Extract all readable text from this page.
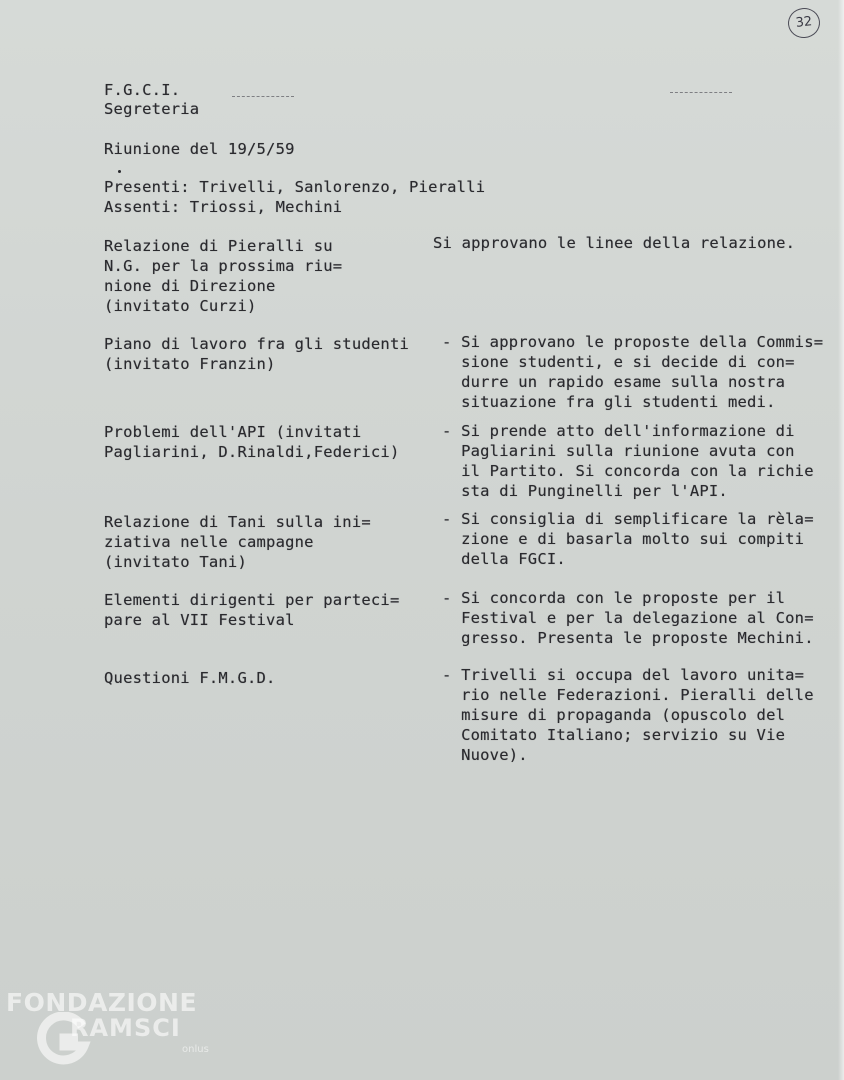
32
F.G.C.I.
Segreteria
Riunione del 19/5/59
Presenti: Trivelli, Sanlorenzo, Pieralli
Assenti: Triossi, Mechini
Relazione di Pieralli su
N.G. per la prossima riu=
nione di Direzione
(invitato Curzi)
Si approvano le linee della relazione.
Piano di lavoro fra gli studenti
(invitato Franzin)
- Si approvano le proposte della Commis=
sione studenti, e si decide di con=
durre un rapido esame sulla nostra
situazione fra gli studenti medi.
Problemi dell'API (invitati
Pagliarini, D.Rinaldi,Federici)
- Si prende atto dell'informazione di
Pagliarini sulla riunione avuta con
il Partito. Si concorda con la richie
sta di Punginelli per l'API.
Relazione di Tani sulla ini=
ziativa nelle campagne
(invitato Tani)
- Si consiglia di semplificare la rèla=
zione e di basarla molto sui compiti
della FGCI.
Elementi dirigenti per parteci=
pare al VII Festival
- Si concorda con le proposte per il
Festival e per la delegazione al Con=
gresso. Presenta le proposte Mechini.
Questioni F.M.G.D.	- Trivelli si occupa del lavoro unita=
rio nelle Federazioni. Pieralli delle
misure di propaganda (opuscolo del
Comitato Italiano; servizio su Vie
Nuove).
FONDAZIONE
RAMSCI
onlus
